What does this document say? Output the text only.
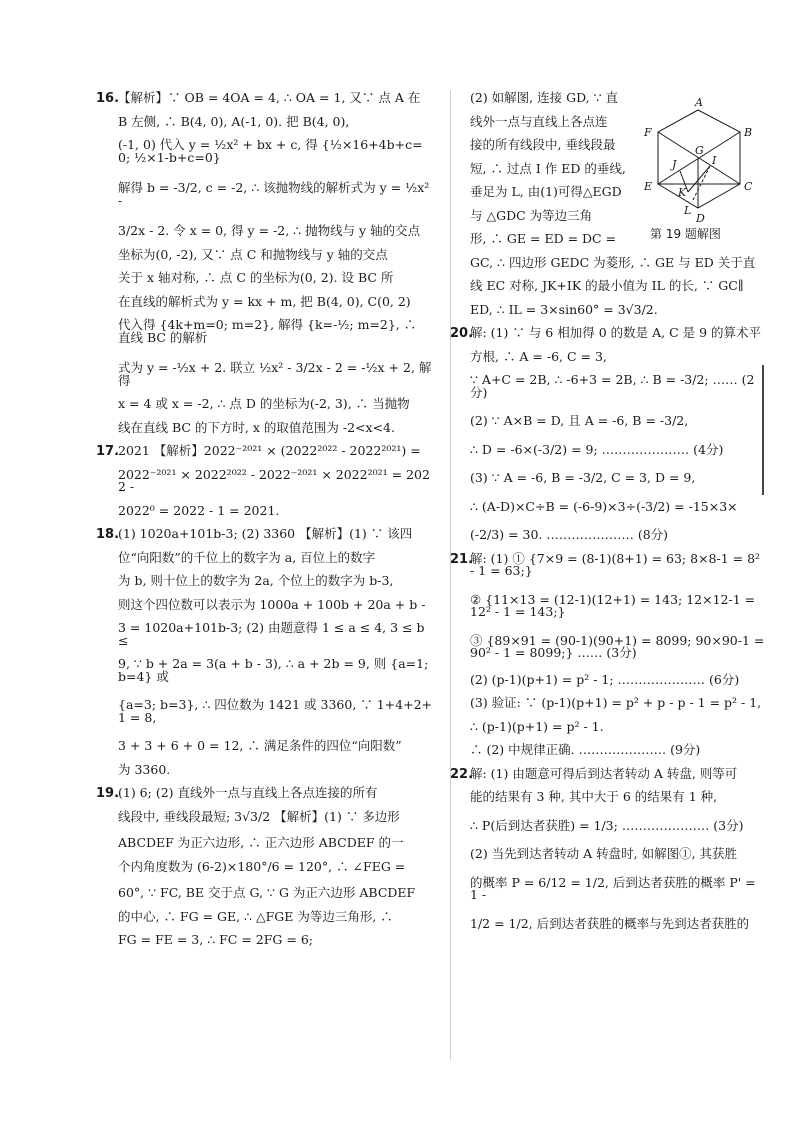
16.
【解析】∵ OB = 4OA = 4, ∴ OA = 1, 又∵ 点 A 在
B 左侧, ∴ B(4, 0), A(-1, 0). 把 B(4, 0),
(-1, 0) 代入 y = ½x² + bx + c, 得 {½×16+4b+c=0; ½×1-b+c=0}
解得 b = -3/2, c = -2, ∴ 该抛物线的解析式为 y = ½x² -
3/2x - 2. 令 x = 0, 得 y = -2, ∴ 抛物线与 y 轴的交点
坐标为(0, -2), 又∵ 点 C 和抛物线与 y 轴的交点
关于 x 轴对称, ∴ 点 C 的坐标为(0, 2). 设 BC 所
在直线的解析式为 y = kx + m, 把 B(4, 0), C(0, 2)
代入得 {4k+m=0; m=2}, 解得 {k=-½; m=2}, ∴ 直线 BC 的解析
式为 y = -½x + 2. 联立 ½x² - 3/2x - 2 = -½x + 2, 解得
x = 4 或 x = -2, ∴ 点 D 的坐标为(-2, 3), ∴ 当抛物
线在直线 BC 的下方时, x 的取值范围为 -2<x<4.
17.
2021 【解析】2022⁻²⁰²¹ × (2022²⁰²² - 2022²⁰²¹) =
2022⁻²⁰²¹ × 2022²⁰²² - 2022⁻²⁰²¹ × 2022²⁰²¹ = 2022 -
2022⁰ = 2022 - 1 = 2021.
18.
(1) 1020a+101b-3; (2) 3360 【解析】(1) ∵ 该四
位“向阳数”的千位上的数字为 a, 百位上的数字
为 b, 则十位上的数字为 2a, 个位上的数字为 b-3,
则这个四位数可以表示为 1000a + 100b + 20a + b -
3 = 1020a+101b-3; (2) 由题意得 1 ≤ a ≤ 4, 3 ≤ b ≤
9, ∵ b + 2a = 3(a + b - 3), ∴ a + 2b = 9, 则 {a=1; b=4} 或
{a=3; b=3}, ∴ 四位数为 1421 或 3360, ∵ 1+4+2+1 = 8,
3 + 3 + 6 + 0 = 12, ∴ 满足条件的四位“向阳数”
为 3360.
19.
(1) 6; (2) 直线外一点与直线上各点连接的所有
线段中, 垂线段最短; 3√3/2 【解析】(1) ∵ 多边形
ABCDEF 为正六边形, ∴ 正六边形 ABCDEF 的一
个内角度数为 (6-2)×180°/6 = 120°, ∴ ∠FEG =
60°, ∵ FC, BE 交于点 G, ∵ G 为正六边形 ABCDEF
的中心, ∴ FG = GE, ∴ △FGE 为等边三角形, ∴
FG = FE = 3, ∴ FC = 2FG = 6;
(2) 如解图, 连接 GD, ∵ 直
线外一点与直线上各点连
接的所有线段中, 垂线段最
短, ∴ 过点 I 作 ED 的垂线,
垂足为 L, 由(1)可得△EGD
与 △GDC 为等边三角
形, ∴ GE = ED = DC =
GC, ∴ 四边形 GEDC 为菱形, ∴ GE 与 ED 关于直
线 EC 对称, JK+IK 的最小值为 IL 的长, ∵ GC∥
ED, ∴ IL = 3×sin60° = 3√3/2.
20.
解: (1) ∵ 与 6 相加得 0 的数是 A, C 是 9 的算术平
方根, ∴ A = -6, C = 3,
∵ A+C = 2B, ∴ -6+3 = 2B, ∴ B = -3/2; …… (2分)
(2) ∵ A×B = D, 且 A = -6, B = -3/2,
∴ D = -6×(-3/2) = 9; ………………… (4分)
(3) ∵ A = -6, B = -3/2, C = 3, D = 9,
∴ (A-D)×C÷B = (-6-9)×3÷(-3/2) = -15×3×
(-2/3) = 30. ………………… (8分)
21.
解: (1) ① {7×9 = (8-1)(8+1) = 63; 8×8-1 = 8² - 1 = 63;}
② {11×13 = (12-1)(12+1) = 143; 12×12-1 = 12² - 1 = 143;}
③ {89×91 = (90-1)(90+1) = 8099; 90×90-1 = 90² - 1 = 8099;} …… (3分)
(2) (p-1)(p+1) = p² - 1; ………………… (6分)
(3) 验证: ∵ (p-1)(p+1) = p² + p - p - 1 = p² - 1,
∴ (p-1)(p+1) = p² - 1.
∴ (2) 中规律正确. ………………… (9分)
22.
解: (1) 由题意可得后到达者转动 A 转盘, 则等可
能的结果有 3 种, 其中大于 6 的结果有 1 种,
∴ P(后到达者获胜) = 1/3; ………………… (3分)
(2) 当先到达者转动 A 转盘时, 如解图①, 其获胜
的概率 P = 6/12 = 1/2, 后到达者获胜的概率 P' = 1 -
1/2 = 1/2, 后到达者获胜的概率与先到达者获胜的
A
B
C
D
E
F
G
I
J
K
L
第 19 题解图
